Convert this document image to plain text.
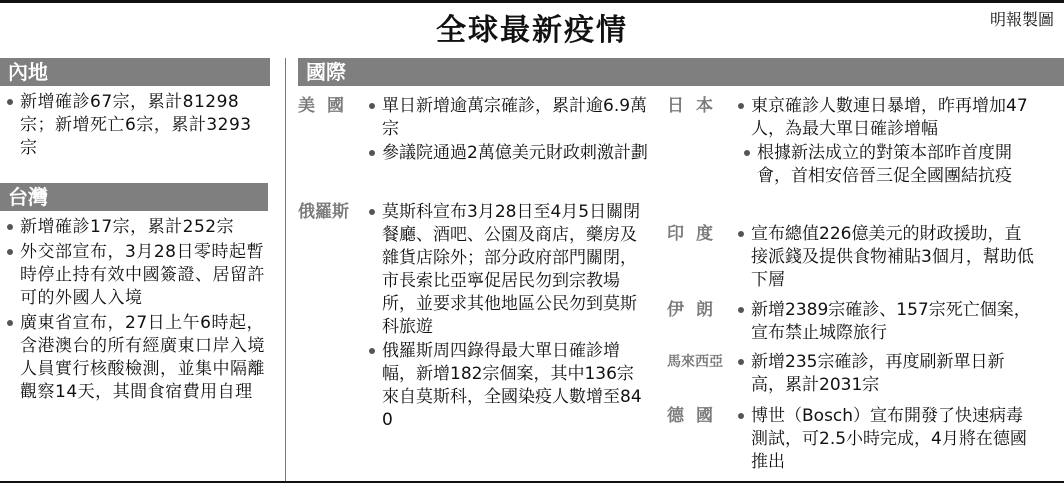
全球最新疫情	明報製圖
內地
新增確診67宗，累計81298宗；新增死亡6宗，累計3293宗
台灣
新增確診17宗，累計252宗
外交部宣布，3月28日零時起暫時停止持有效中國簽證、居留許可的外國人入境
廣東省宣布，27日上午6時起，含港澳台的所有經廣東口岸入境人員實行核酸檢測，並集中隔離觀察14天，其間食宿費用自理
國際
美國	單日新增逾萬宗確診，累計逾6.9萬宗
參議院通過2萬億美元財政刺激計劃
俄羅斯	莫斯科宣布3月28日至4月5日關閉餐廳、酒吧、公園及商店，藥房及雜貨店除外；部分政府部門關閉，市長索比亞寧促居民勿到宗教場所，並要求其他地區公民勿到莫斯科旅遊
俄羅斯周四錄得最大單日確診增幅，新增182宗個案，其中136宗來自莫斯科，全國染疫人數增至840
日本	東京確診人數連日暴增，昨再增加47人，為最大單日確診增幅
根據新法成立的對策本部昨首度開會，首相安倍晉三促全國團結抗疫
印度	宣布總值226億美元的財政援助，直接派錢及提供食物補貼3個月，幫助低下層
伊朗	新增2389宗確診、157宗死亡個案，宣布禁止城際旅行
馬來西亞	新增235宗確診，再度刷新單日新高，累計2031宗
德國	博世（Bosch）宣布開發了快速病毒測試，可2.5小時完成，4月將在德國推出
